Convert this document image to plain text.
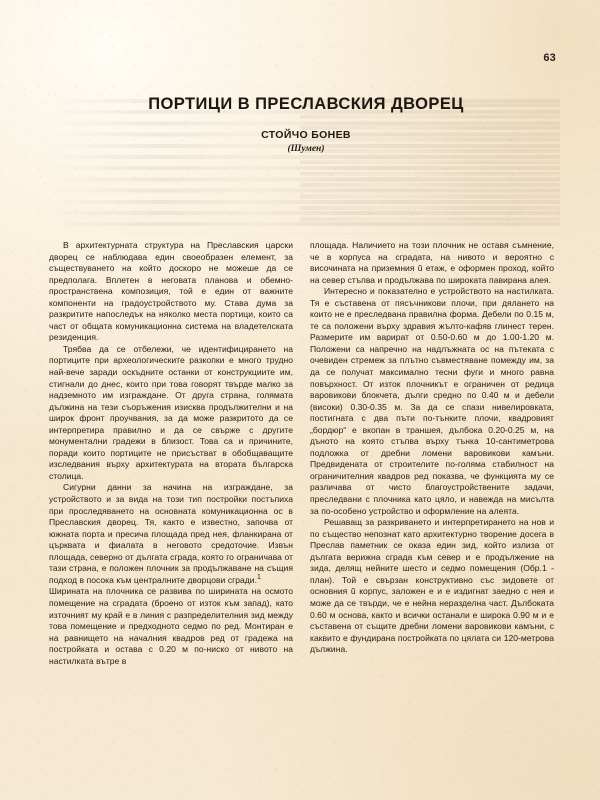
63
ПОРТИЦИ В ПРЕСЛАВСКИЯ ДВОРЕЦ
СТОЙЧО БОНЕВ
(Шумен)

В архитектурната структура на Преславския царски дворец се наблюдава един своеобразен елемент, за съществуването на който доскоро не можеше да се предполага. Вплетен в неговата планова и обемно-пространствена композиция, той е един от важните компоненти на градоустройството му. Става дума за разкритите напоследък на няколко места портици, които са част от общата комуникационна система на владетелската резиденция.

Трябва да се отбележи, че идентифицирането на портиците при археологическите разкопки е много трудно най-вече заради оскъдните останки от конструкциите им, стигнали до днес, които при това говорят твърде малко за надземното им изграждане. От друга страна, голямата дължина на тези съоръжения изисква продължителни и на широк фронт проучвания, за да може разкритото да се интерпретира правилно и да се свърже с другите монументални градежи в близост. Това са и причините, поради които портиците не присъстват в обобщаващите изследвания върху архитектурата на втората българска столица.

Сигурни данни за начина на изграждане, за устройството и за вида на този тип постройки постъпиха при проследяването на основната комуникационна ос в Преславския дворец. Тя, както е известно, започва от южната порта и пресича площада пред нея, фланкирана от църквата и фиалата в неговото средоточие. Извън площада, северно от дългата сграда, която го ограничава от тази страна, е положен плочник за продължаване на същия подход в посока към централните дворцови сгради.$^1$

Ширината на плочника се развива по ширината на осмото помещение на сградата (броено от изток към запад), като източният му край е в линия с разпределителния зид между това помещение и предходното седмо по ред. Монтиран е на равнището на началния квадров ред от градежа на постройката и остава с 0.20 м по-ниско от нивото на настилката вътре в

площада. Наличието на този плочник не оставя съмнение, че в корпуса на сградата, на нивото и вероятно с височината на приземния ŭ етаж, е оформен проход, който на север стъпва и продължава по широката павирана алея.

Интересно и показателно е устройството на настилката. Тя е съставена от пясъчникови плочи, при дялането на които не е преследвана правилна форма. Дебели по 0.15 м, те са положени върху здравия жълто-кафяв глинест терен. Размерите им варират от 0.50-0.60 м до 1.00-1.20 м. Положени са напречно на надлъжната ос на пътеката с очевиден стремеж за плътно съвместяване помежду им, за да се получат максимално тесни фуги и много равна повърхност. От изток плочникът е ограничен от редица варовикови блокчета, дълги средно по 0.40 м и дебели (високи) 0.30-0.35 м. За да се спази нивелировката, постигната с два пъти по-тънките плочи, квадровият „бордюр“ е вкопан в траншея, дълбока 0.20-0.25 м, на дъното на която стъпва върху тънка 10-сантиметрова подложка от дребни ломени варовикови камъни. Предвидената от строителите по-голяма стабилност на ограничителния квадров ред показва, че функцията му се различава от чисто благоустройствените задачи, преследвани с плочника като цяло, и навежда на мисълта за по-особено устройство и оформление на алеята.

Решаващ за разкриването и интерпретирането на нов и по същество непознат като архитектурно творение досега в Преслав паметник се оказа един зид, който излиза от дългата верижна сграда към север и е продължение на зида, делящ нейните шесто и седмо помещения (Обр.1 - план). Той е свързан конструктивно със зидовете от основния ŭ корпус, заложен е и е издигнат заедно с нея и може да се твърди, че е нейна неразделна част. Дълбоката 0.60 м основа, както и всички останали е широка 0.90 м и е съставена от същите дребни ломени варовикови камъни, с каквито е фундирана постройката по цялата си 120-метрова дължина.
